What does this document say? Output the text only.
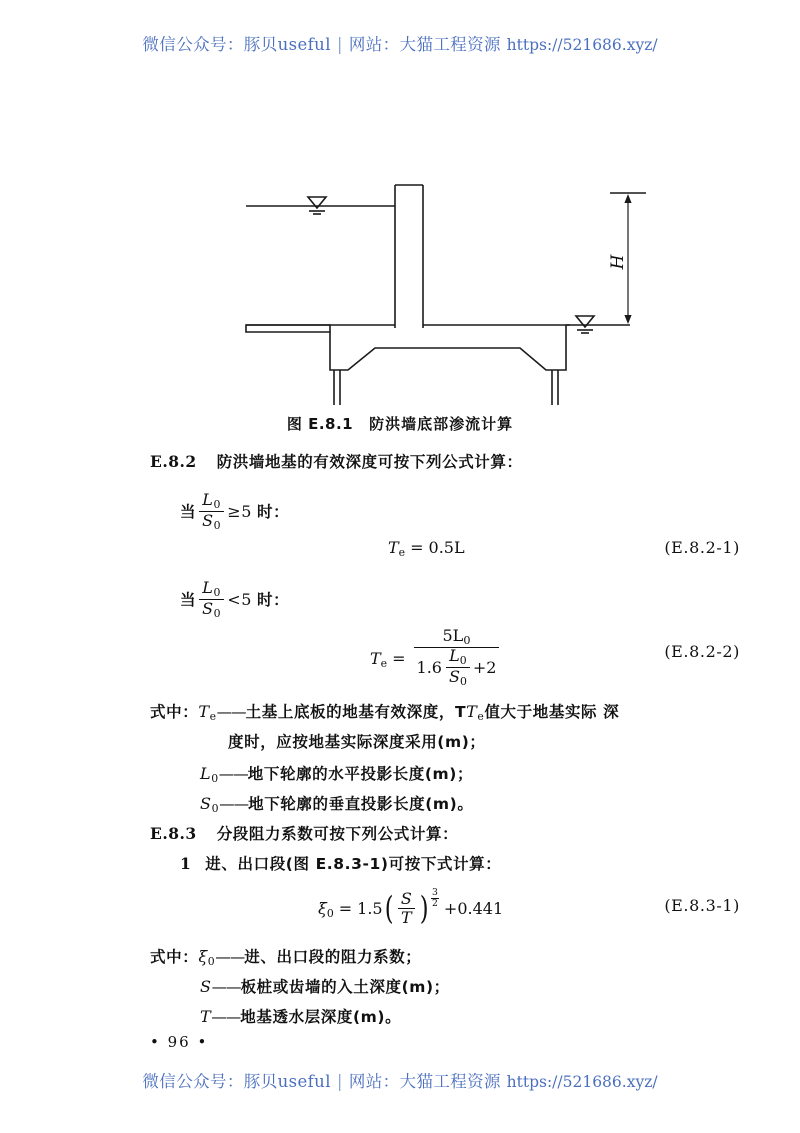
微信公众号：豚贝useful | 网站：大猫工程资源 https://521686.xyz/
H
图 E.8.1 防洪墙底部渗流计算
E.8.2 防洪墙地基的有效深度可按下列公式计算：
当 $\frac{L_0}{S_0} \ge 5$ 时：
$T_e = 0.5L$	(E.8.2-1)
当 $\frac{L_0}{S_0} <5$ 时：
$T_e = \frac{5L_0}{1.6 \frac{L_0}{S_0} +2}$	(E.8.2-2)
式中：$T_e——$土基上底板的地基有效深度，$TT_e$值大于地基实际 深
度时，应按地基实际深度采用(m)；
$L_0——$地下轮廓的水平投影长度(m)；
$S_0——$地下轮廓的垂直投影长度(m)。
E.8.3 分段阻力系数可按下列公式计算：
1 进、出口段(图 E.8.3-1)可按下式计算：
$\xi_0 = 1.5( \frac{S}{T}$ ) $\frac{3}{2} +0.441$	(E.8.3-1)
式中：$\xi_0——$进、出口段的阻力系数；
S——板桩或齿墙的入土深度(m)；
T——地基透水层深度(m)。
• 96 •
微信公众号：豚贝useful | 网站：大猫工程资源 https://521686.xyz/
